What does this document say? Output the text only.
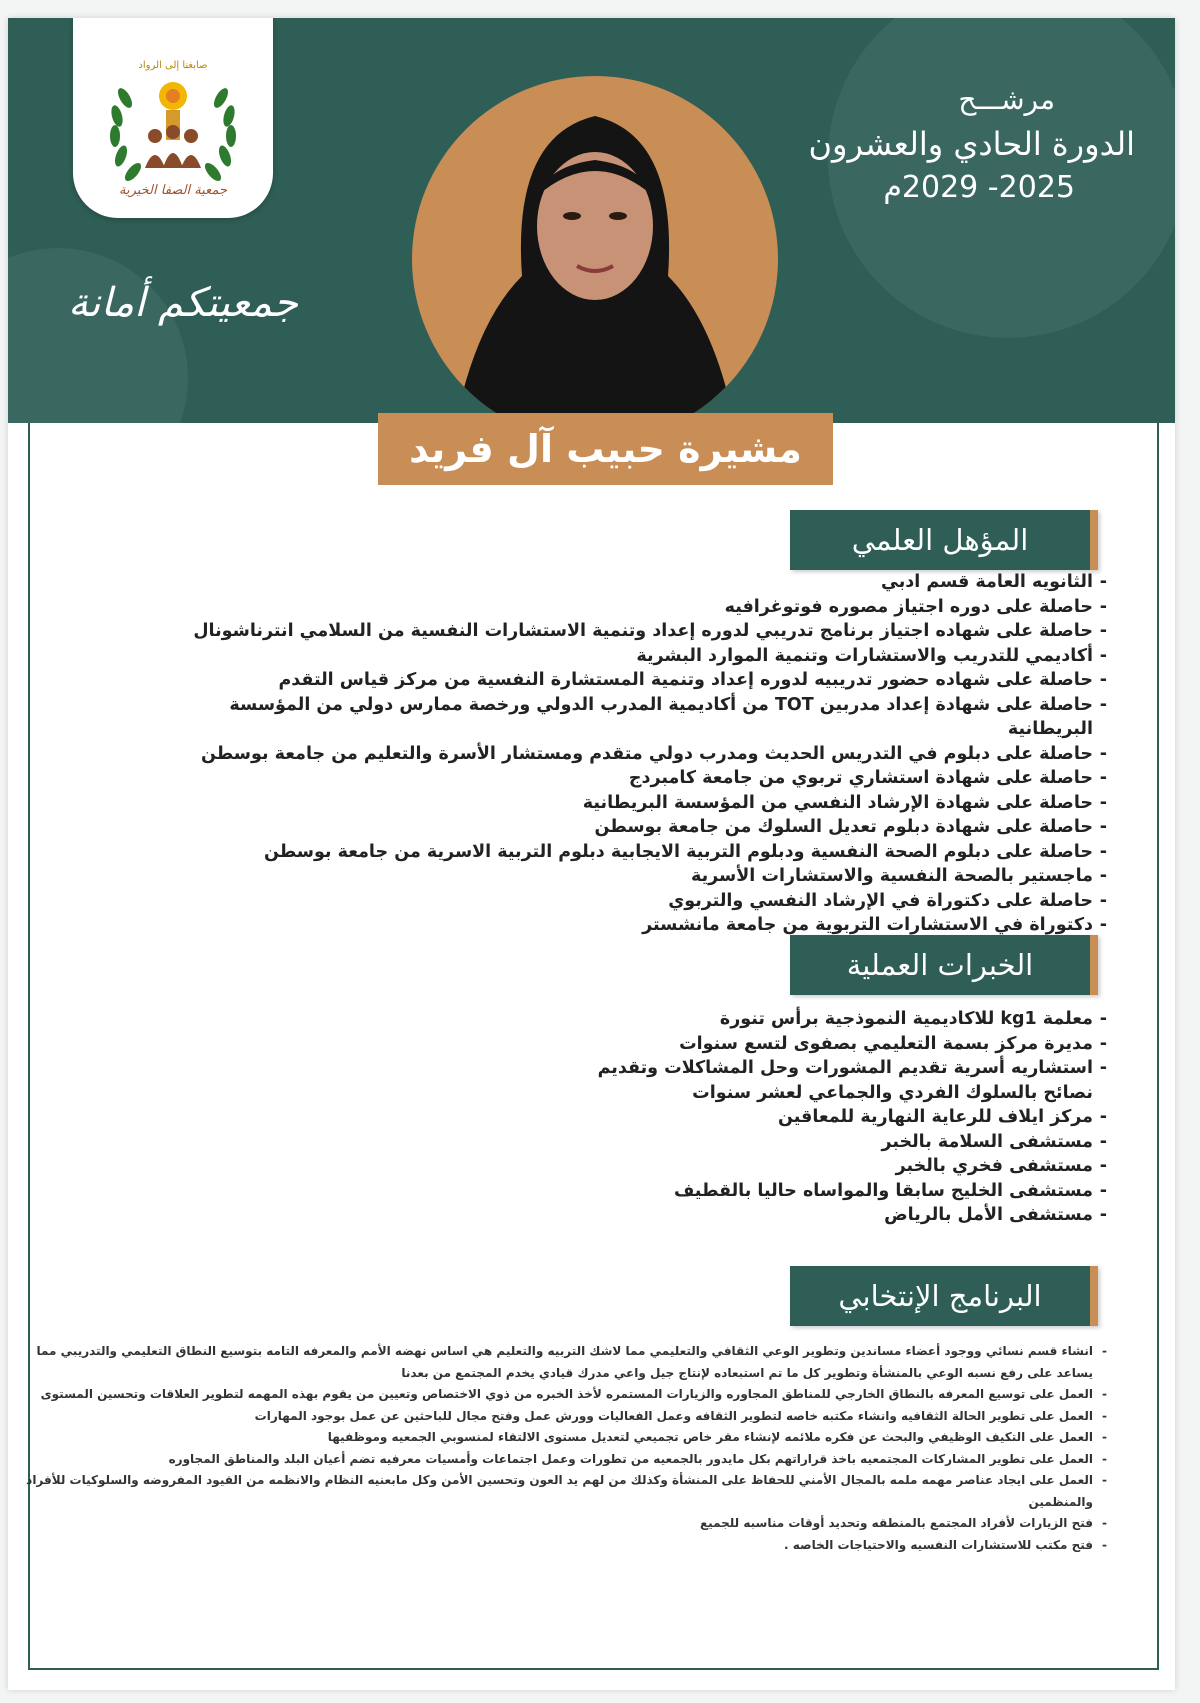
صابغنا إلى الرواد
جمعية الصفا الخيرية
جمعيتكم أمانة
مرشـــح
الدورة الحادي والعشرون
2025- 2029م
مشيرة حبيب آل فريد
المؤهل العلمي
- الثانويه العامة قسم ادبي
- حاصلة على دوره اجتياز مصوره فوتوغرافيه
- حاصلة على شهاده اجتياز برنامج تدريبي لدوره إعداد وتنمية الاستشارات النفسية من السلامي انترناشونال
- أكاديمي للتدريب والاستشارات وتنمية الموارد البشرية
- حاصلة على شهاده حضور تدريبيه لدوره إعداد وتنمية المستشارة النفسية من مركز قياس التقدم
- حاصلة على شهادة إعداد مدربين TOT من أكاديمية المدرب الدولي ورخصة ممارس دولي من المؤسسة البريطانية
- حاصلة على دبلوم في التدريس الحديث ومدرب دولي متقدم ومستشار الأسرة والتعليم من جامعة بوسطن
- حاصلة على شهادة استشاري تربوي من جامعة كامبردج
- حاصلة على شهادة الإرشاد النفسي من المؤسسة البريطانية
- حاصلة على شهادة دبلوم تعديل السلوك من جامعة بوسطن
- حاصلة على دبلوم الصحة النفسية ودبلوم التربية الايجابية دبلوم التربية الاسرية من جامعة بوسطن
- ماجستير بالصحة النفسية والاستشارات الأسرية
- حاصلة على دكتوراة في الإرشاد النفسي والتربوي
- دكتوراة في الاستشارات التربوية من جامعة مانشستر
الخبرات العملية
- معلمة kg1 للاكاديمية النموذجية برأس تنورة
- مديرة مركز بسمة التعليمي بصفوى لتسع سنوات
- استشاريه أسرية تقديم المشورات وحل المشاكلات وتقديم نصائح بالسلوك الفردي والجماعي لعشر سنوات
- مركز ايلاف للرعاية النهارية للمعاقين
- مستشفى السلامة بالخبر
- مستشفى فخري بالخبر
- مستشفى الخليج سابقا والمواساه حاليا بالقطيف
- مستشفى الأمل بالرياض
البرنامج الإنتخابي
- انشاء قسم نسائي ووجود أعضاء مساندين وتطوير الوعي الثقافي والتعليمي مما لاشك التربيه والتعليم هي اساس نهضه الأمم والمعرفه التامه بتوسيع النطاق التعليمي والتدريبي مما يساعد على رفع نسبه الوعي بالمنشأة وتطوير كل ما تم استبعاده لإنتاج جيل واعي مدرك قيادي يخدم المجتمع من بعدنا
- العمل على توسيع المعرفه بالنطاق الخارجي للمناطق المجاوره والزيارات المستمره لأخذ الخبره من ذوي الاختصاص وتعيين من يقوم بهذه المهمه لتطوير العلاقات وتحسين المستوى
- العمل على تطوير الحالة الثقافيه وانشاء مكتبه خاصه لتطوير الثقافه وعمل الفعاليات وورش عمل وفتح مجال للباحثين عن عمل بوجود المهارات
- العمل على التكيف الوظيفي والبحث عن فكره ملائمه لإنشاء مقر خاص تجميعي لتعديل مستوى الالتقاء لمنسوبي الجمعيه وموظفيها
- العمل على تطوير المشاركات المجتمعيه باخذ قراراتهم بكل مايدور بالجمعيه من تطورات وعمل اجتماعات وأمسيات معرفيه تضم أعيان البلد والمناطق المجاوره
- العمل على ايجاد عناصر مهمه ملمه بالمجال الأمني للحفاظ على المنشأة وكذلك من لهم يد العون وتحسين الأمن وكل مابعنيه النظام والانظمه من القيود المفروضه والسلوكيات للأفراد والمنظمين
- فتح الزيارات لأفراد المجتمع بالمنطقه وتحديد أوقات مناسبه للجميع
- فتح مكتب للاستشارات النفسيه والاحتياجات الخاصه .
